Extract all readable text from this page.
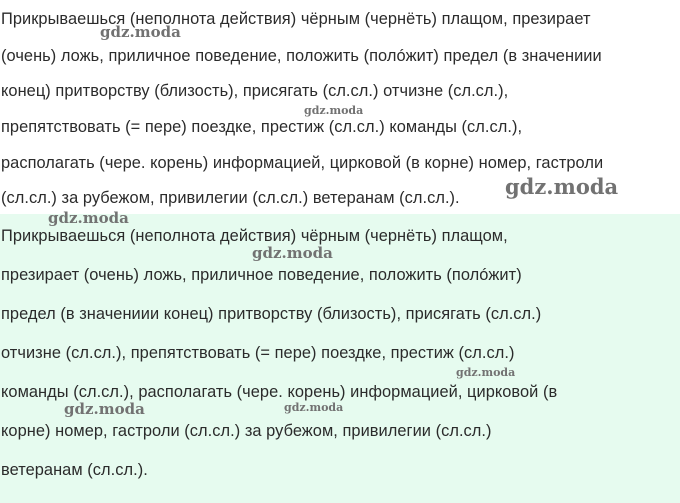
Прикрываешься (неполнота действия) чёрным (чернёть) плащом, презирает
(очень) ложь, приличное поведение, положить (полóжит) предел (в значениии
конец) притворству (близость), присягать (сл.сл.) отчизне (сл.сл.),
препятствовать (= пере) поездке, престиж (сл.сл.) команды (сл.сл.),
располагать (чере. корень) информацией, цирковой (в корне) номер, гастроли
(сл.сл.) за рубежом, привилегии (сл.сл.) ветеранам (сл.сл.).
Прикрываешься (неполнота действия) чёрным (чернёть) плащом,
презирает (очень) ложь, приличное поведение, положить (полóжит)
предел (в значениии конец) притворству (близость), присягать (сл.сл.)
отчизне (сл.сл.), препятствовать (= пере) поездке, престиж (сл.сл.)
команды (сл.сл.), располагать (чере. корень) информацией, цирковой (в
корне) номер, гастроли (сл.сл.) за рубежом, привилегии (сл.сл.)
ветеранам (сл.сл.).
gdz.moda
gdz.moda
gdz.moda
gdz.moda
gdz.moda
gdz.moda
gdz.moda	gdz.moda
